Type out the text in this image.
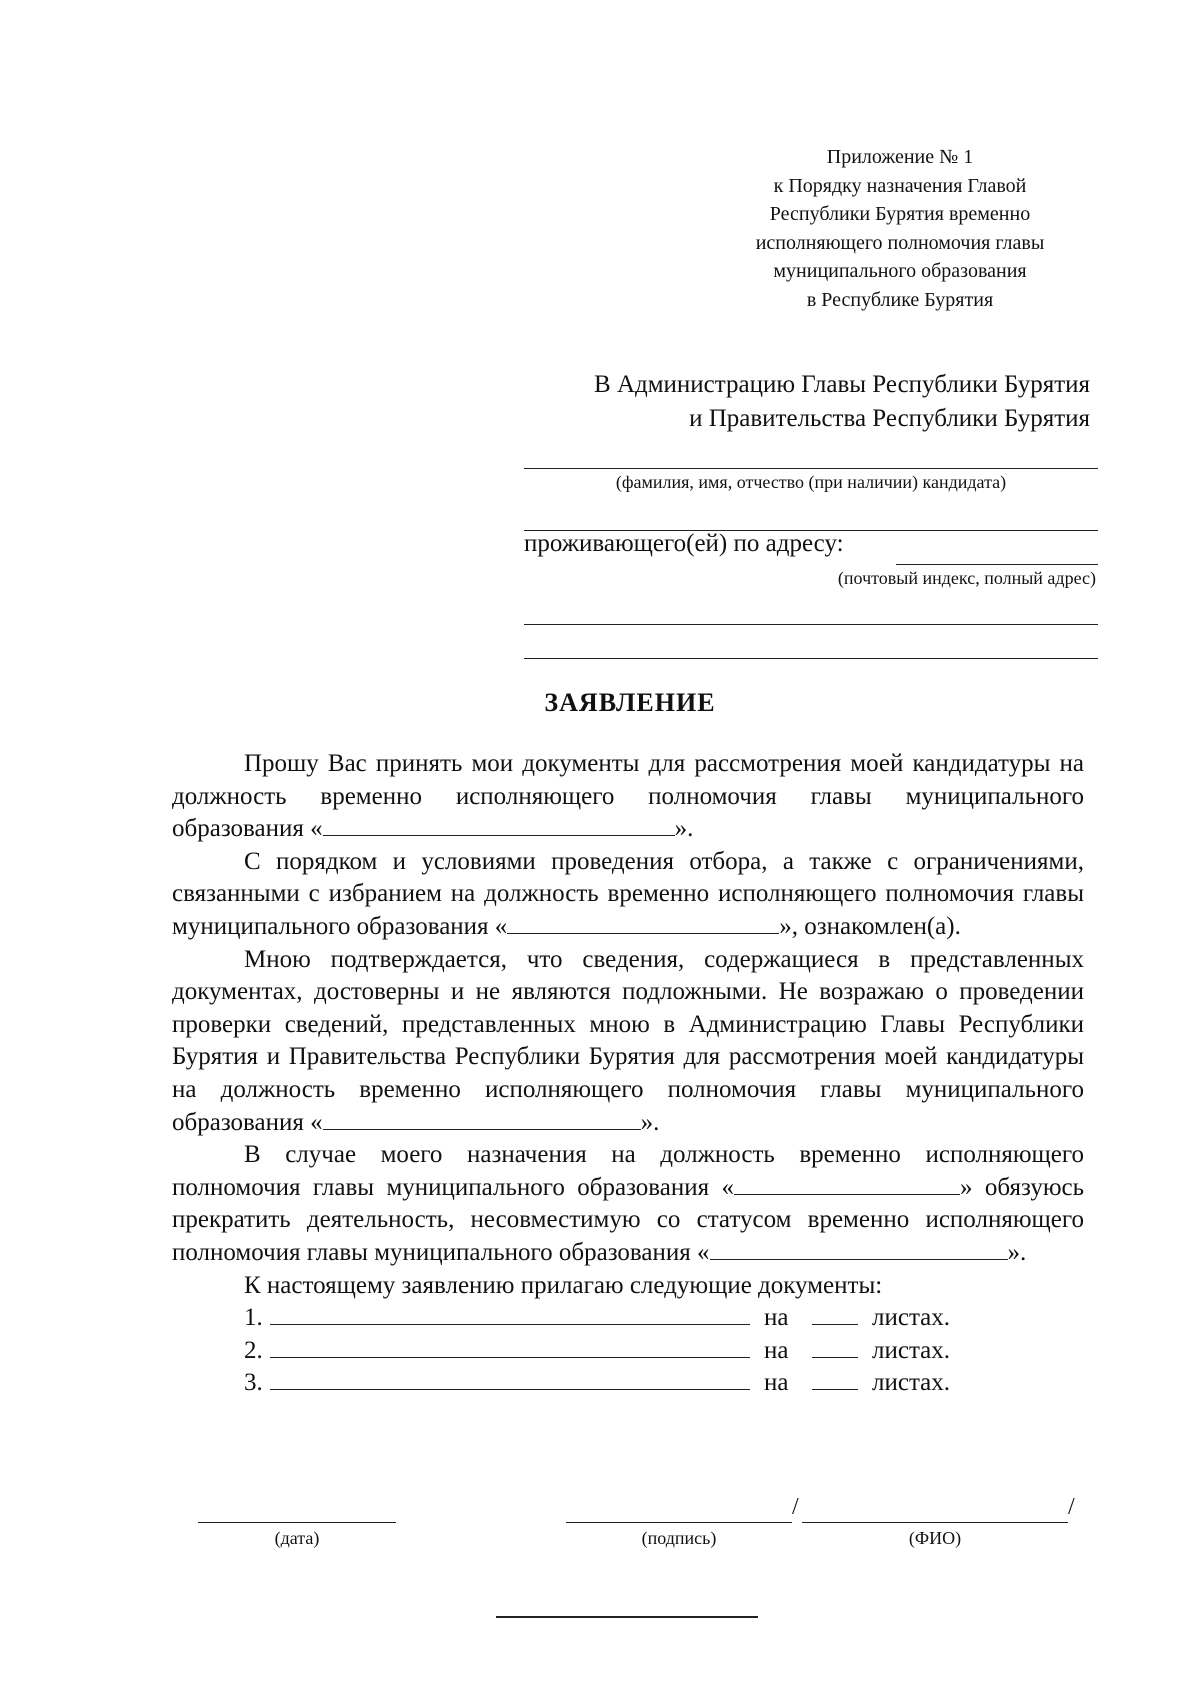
Приложение № 1
к Порядку назначения Главой
Республики Бурятия временно
исполняющего полномочия главы
муниципального образования
в Республике Бурятия
В Администрацию Главы Республики Бурятия
и Правительства Республики Бурятия
(фамилия, имя, отчество (при наличии) кандидата)
проживающего(ей) по адресу:
(почтовый индекс, полный адрес)
ЗАЯВЛЕНИЕ

Прошу Вас принять мои документы для рассмотрения моей кандидатуры на должность временно исполняющего полномочия главы муниципального образования «	».

С порядком и условиями проведения отбора, а также с ограничениями, связанными с избранием на должность временно исполняющего полномочия главы муниципального образования «	», ознакомлен(а).

Мною подтверждается, что сведения, содержащиеся в представленных документах, достоверны и не являются подложными. Не возражаю о проведении проверки сведений, представленных мною в Администрацию Главы Республики Бурятия и Правительства Республики Бурятия для рассмотрения моей кандидатуры на должность временно исполняющего полномочия главы муниципального образования «	».

В случае моего назначения на должность временно исполняющего полномочия главы муниципального образования «	» обязуюсь прекратить деятельность, несовместимую со статусом временно исполняющего полномочия главы муниципального образования «	».

К настоящему заявлению прилагаю следующие документы:

1.	на	листах.
2.	на	листах.
3.	на	листах.
(дата)
/	/
(подпись)	(ФИО)
